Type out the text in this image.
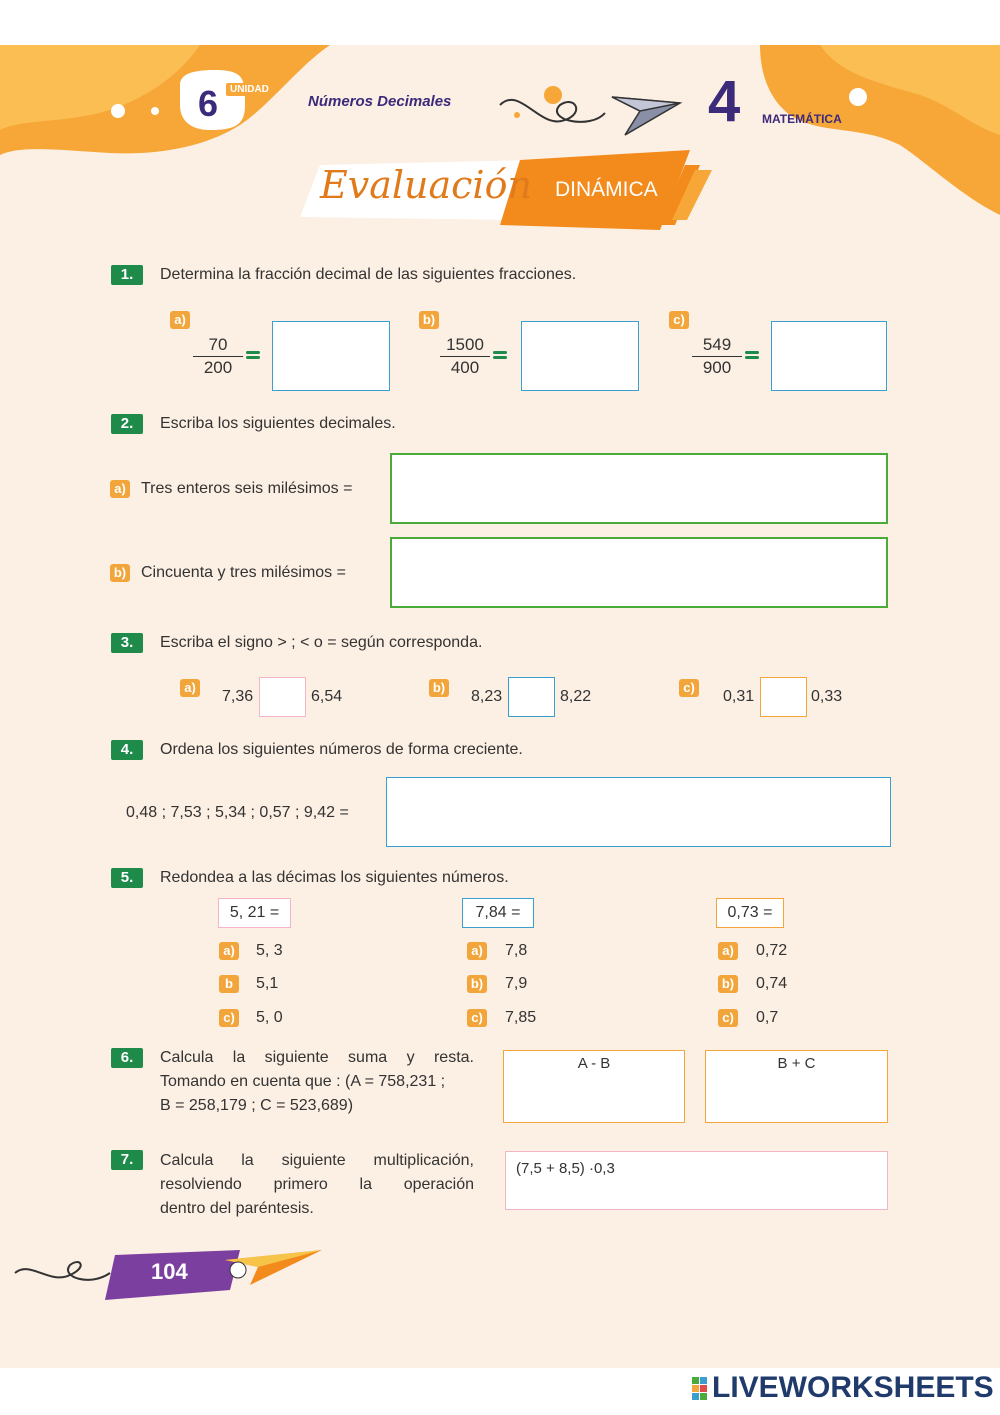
6	UNIDAD
Números Decimales	4 MATEMÁTICA
Evaluación DINÁMICA
1.	Determina la fracción decimal de las siguientes fracciones.
a)
$\frac{70}{200}$
b)
$\frac{1500}{400}$
c)
$\frac{549}{900}$
2.	Escriba los siguientes decimales.
a) Tres enteros seis milésimos =
b) Cincuenta y tres milésimos =
3.	Escriba el signo > ; < o = según corresponda.
a)
7,36	6,54
b)
8,23	8,22
c)
0,31	0,33
4.	Ordena los siguientes números de forma creciente.
0,48 ; 7,53 ; 5,34 ; 0,57 ; 9,42 =
5.	Redondea a las décimas los siguientes números.
5, 21 =
a) 5, 3
b	5,1
c) 5, 0
7,84 =
a) 7,8
b) 7,9
c) 7,85
0,73 =
a) 0,72
b) 0,74
c) 0,7
6.	Calcula la siguiente suma y resta.
Tomando en cuenta que : (A = 758,231 ;
B = 258,179 ; C = 523,689)
A - B	B + C
7.	Calcula la siguiente multiplicación,
resolviendo primero la operación
dentro del paréntesis.
(7,5 + 8,5) ·0,3
104
LIVEWORKSHEETS
